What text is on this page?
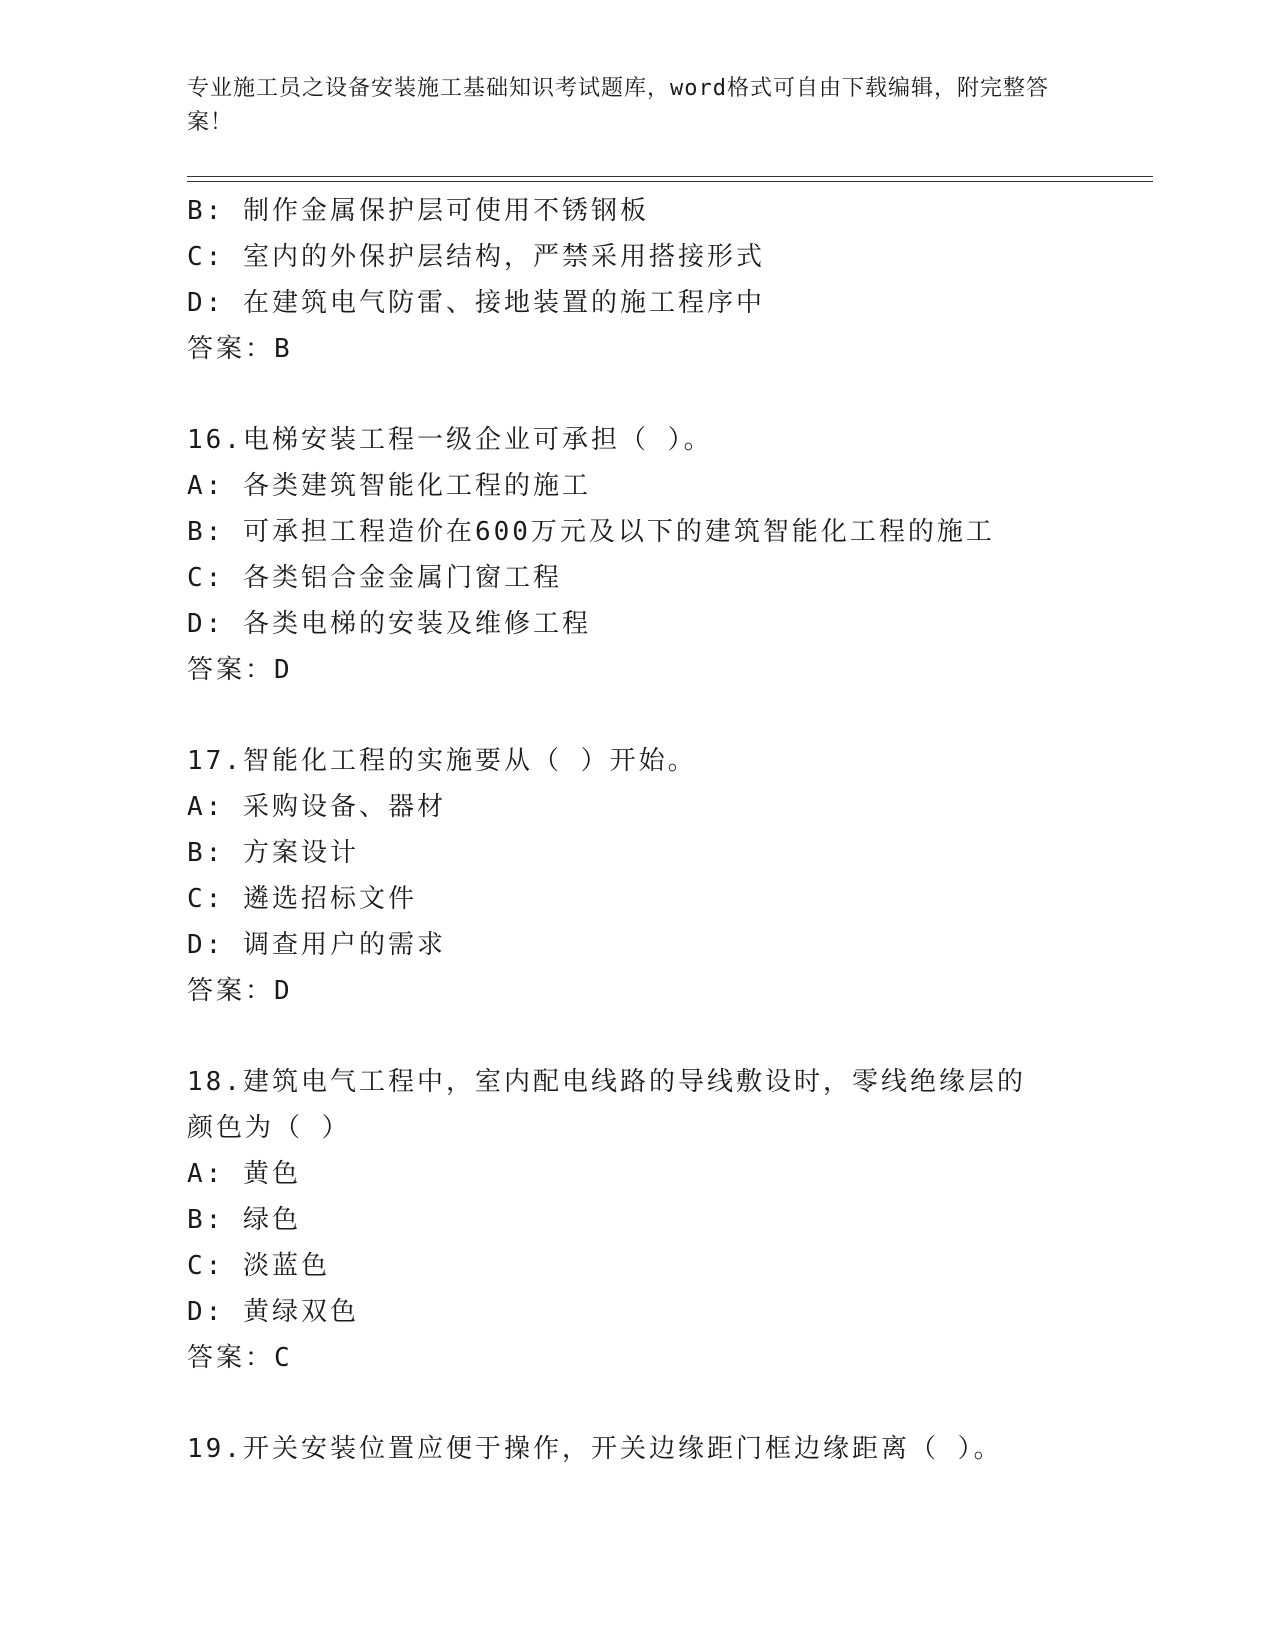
专业施工员之设备安装施工基础知识考试题库，word格式可自由下载编辑，附完整答案！
B: 制作金属保护层可使用不锈钢板
C: 室内的外保护层结构，严禁采用搭接形式
D: 在建筑电气防雷、接地装置的施工程序中
答案：B
16.电梯安装工程一级企业可承担（ ）。
A: 各类建筑智能化工程的施工
B: 可承担工程造价在600万元及以下的建筑智能化工程的施工
C: 各类铝合金金属门窗工程
D: 各类电梯的安装及维修工程
答案：D
17.智能化工程的实施要从（ ）开始。
A: 采购设备、器材
B: 方案设计
C: 遴选招标文件
D: 调查用户的需求
答案：D
18.建筑电气工程中，室内配电线路的导线敷设时，零线绝缘层的颜色为（ ）
A: 黄色
B: 绿色
C: 淡蓝色
D: 黄绿双色
答案：C
19.开关安装位置应便于操作，开关边缘距门框边缘距离（ ）。
